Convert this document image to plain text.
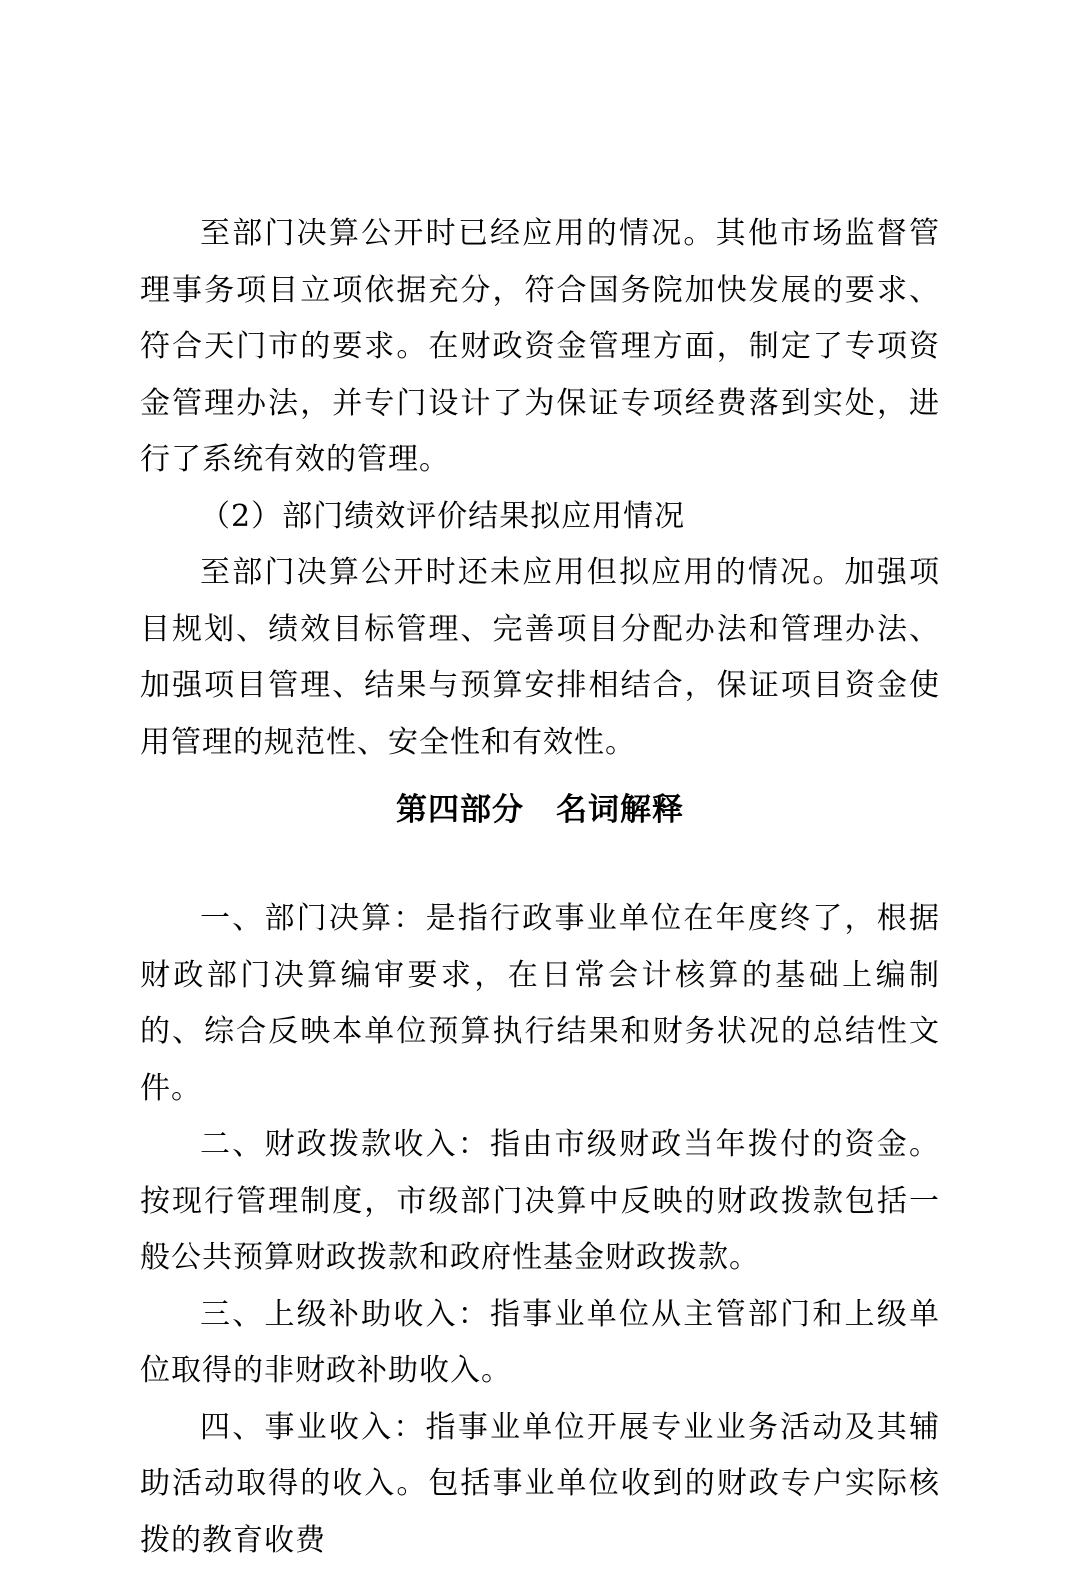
至部门决算公开时已经应用的情况。其他市场监督管理事务项目立项依据充分，符合国务院加快发展的要求、符合天门市的要求。在财政资金管理方面，制定了专项资金管理办法，并专门设计了为保证专项经费落到实处，进行了系统有效的管理。

（2）部门绩效评价结果拟应用情况

至部门决算公开时还未应用但拟应用的情况。加强项目规划、绩效目标管理、完善项目分配办法和管理办法、加强项目管理、结果与预算安排相结合，保证项目资金使用管理的规范性、安全性和有效性。

第四部分　名词解释

一、部门决算：是指行政事业单位在年度终了，根据财政部门决算编审要求，在日常会计核算的基础上编制的、综合反映本单位预算执行结果和财务状况的总结性文件。

二、财政拨款收入：指由市级财政当年拨付的资金。按现行管理制度，市级部门决算中反映的财政拨款包括一般公共预算财政拨款和政府性基金财政拨款。

三、上级补助收入：指事业单位从主管部门和上级单位取得的非财政补助收入。

四、事业收入：指事业单位开展专业业务活动及其辅助活动取得的收入。包括事业单位收到的财政专户实际核拨的教育收费
